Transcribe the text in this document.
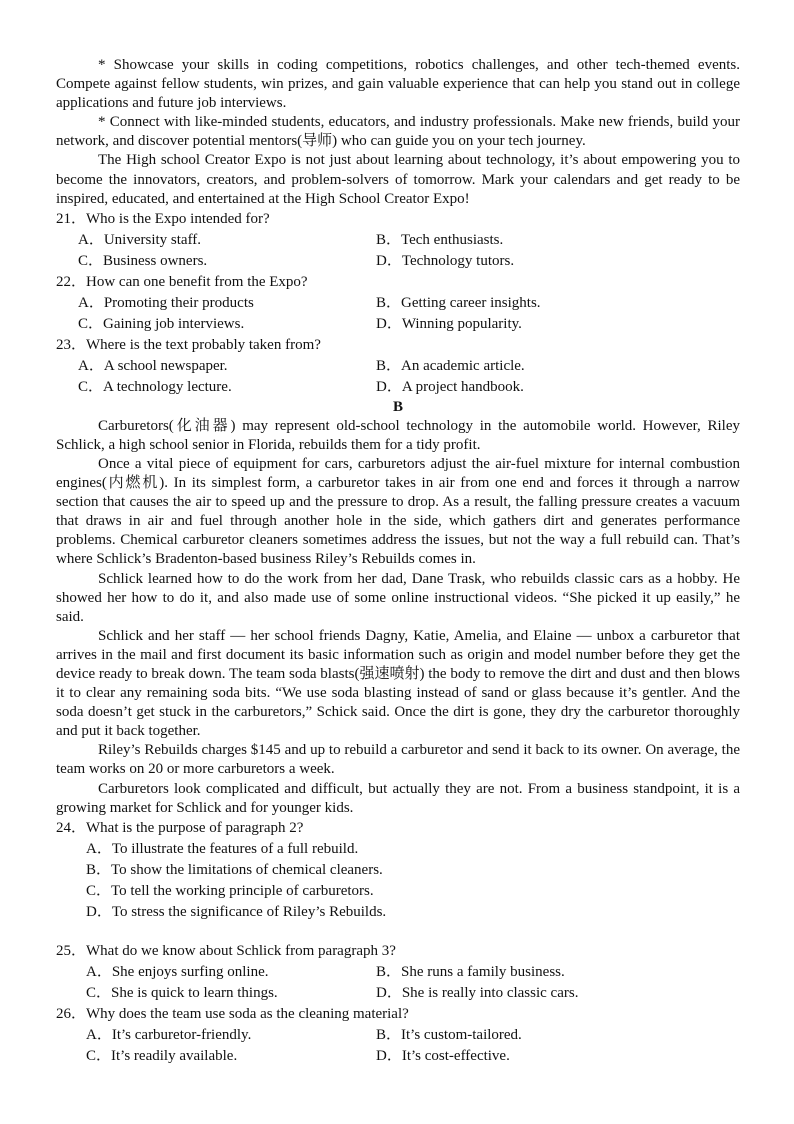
* Showcase your skills in coding competitions, robotics challenges, and other tech-themed events. Compete against fellow students, win prizes, and gain valuable experience that can help you stand out in college applications and future job interviews.

* Connect with like-minded students, educators, and industry professionals. Make new friends, build your network, and discover potential mentors(导师) who can guide you on your tech journey.

The High school Creator Expo is not just about learning about technology, it’s about empowering you to become the innovators, creators, and problem-solvers of tomorrow. Mark your calendars and get ready to be inspired, educated, and entertained at the High School Creator Expo!

21．Who is the Expo intended for?

A．University staff.	B．Tech enthusiasts.
C．Business owners.	D．Technology tutors.

22．How can one benefit from the Expo?

A．Promoting their products	B．Getting career insights.
C．Gaining job interviews.	D．Winning popularity.

23．Where is the text probably taken from?

A．A school newspaper.	B．An academic article.
C．A technology lecture.	D．A project handbook.

B

Carburetors(化油器) may represent old-school technology in the automobile world. However, Riley Schlick, a high school senior in Florida, rebuilds them for a tidy profit.

Once a vital piece of equipment for cars, carburetors adjust the air-fuel mixture for internal combustion engines(内燃机). In its simplest form, a carburetor takes in air from one end and forces it through a narrow section that causes the air to speed up and the pressure to drop. As a result, the falling pressure creates a vacuum that draws in air and fuel through another hole in the side, which gathers dirt and generates performance problems. Chemical carburetor cleaners sometimes address the issues, but not the way a full rebuild can. That’s where Schlick’s Bradenton-based business Riley’s Rebuilds comes in.

Schlick learned how to do the work from her dad, Dane Trask, who rebuilds classic cars as a hobby. He showed her how to do it, and also made use of some online instructional videos. “She picked it up easily,” he said.

Schlick and her staff — her school friends Dagny, Katie, Amelia, and Elaine — unbox a carburetor that arrives in the mail and first document its basic information such as origin and model number before they get the device ready to break down. The team soda blasts(强速喷射) the body to remove the dirt and dust and then blows it to clear any remaining soda bits. “We use soda blasting instead of sand or glass because it’s gentler. And the soda doesn’t get stuck in the carburetors,” Schick said. Once the dirt is gone, they dry the carburetor thoroughly and put it back together.

Riley’s Rebuilds charges $145 and up to rebuild a carburetor and send it back to its owner. On average, the team works on 20 or more carburetors a week.

Carburetors look complicated and difficult, but actually they are not. From a business standpoint, it is a growing market for Schlick and for younger kids.

24．What is the purpose of paragraph 2?

A．To illustrate the features of a full rebuild.
B．To show the limitations of chemical cleaners.
C．To tell the working principle of carburetors.
D．To stress the significance of Riley’s Rebuilds.

25．What do we know about Schlick from paragraph 3?

A．She enjoys surfing online.	B．She runs a family business.
C．She is quick to learn things.	D．She is really into classic cars.

26．Why does the team use soda as the cleaning material?

A．It’s carburetor-friendly.	B．It’s custom-tailored.
C．It’s readily available.	D．It’s cost-effective.
